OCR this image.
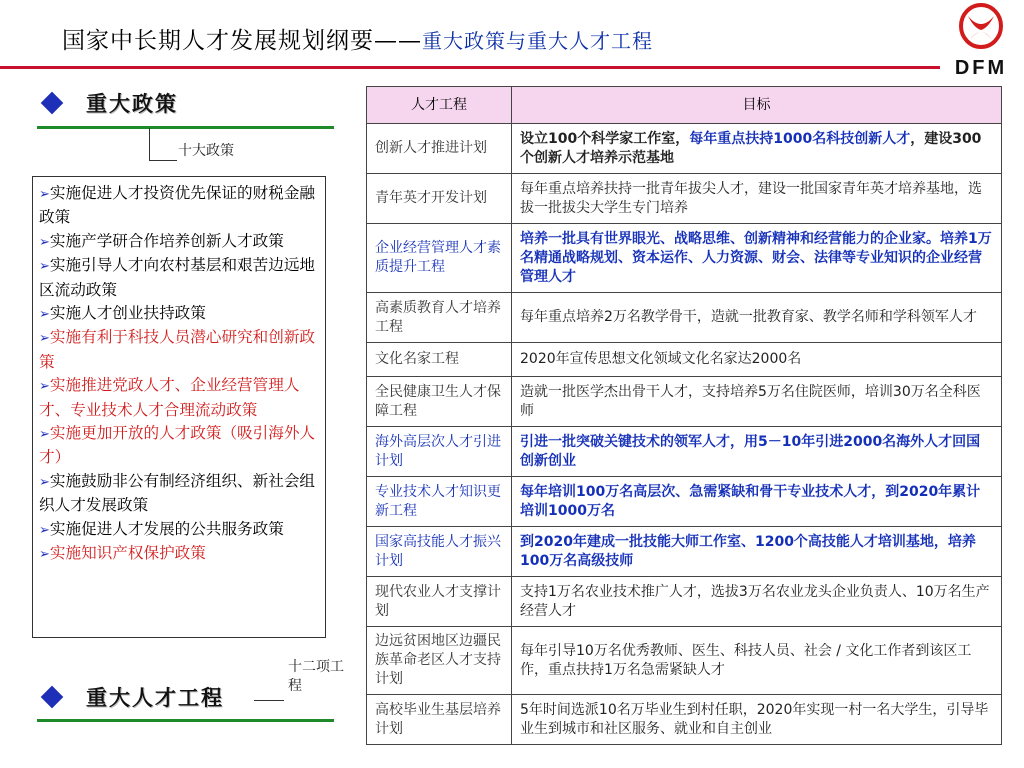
国家中长期人才发展规划纲要——重大政策与重大人才工程
DFM
重大政策
十大政策

➢实施促进人才投资优先保证的财税金融政策

➢实施产学研合作培养创新人才政策

➢实施引导人才向农村基层和艰苦边远地区流动政策

➢实施人才创业扶持政策

➢实施有利于科技人员潜心研究和创新政策

➢实施推进党政人才、企业经营管理人才、专业技术人才合理流动政策

➢实施更加开放的人才政策（吸引海外人才）

➢实施鼓励非公有制经济组织、新社会组织人才发展政策

➢实施促进人才发展的公共服务政策

➢实施知识产权保护政策

十二项工程
重大人才工程
人才工程	目标
创新人才推进计划	设立100个科学家工作室，每年重点扶持1000名科技创新人才，建设300个创新人才培养示范基地
青年英才开发计划	每年重点培养扶持一批青年拔尖人才，建设一批国家青年英才培养基地，选拔一批拔尖大学生专门培养
企业经营管理人才素质提升工程	培养一批具有世界眼光、战略思维、创新精神和经营能力的企业家。培养1万名精通战略规划、资本运作、人力资源、财会、法律等专业知识的企业经营管理人才
高素质教育人才培养工程	每年重点培养2万名教学骨干，造就一批教育家、教学名师和学科领军人才
文化名家工程	2020年宣传思想文化领域文化名家达2000名
全民健康卫生人才保障工程	造就一批医学杰出骨干人才，支持培养5万名住院医师，培训30万名全科医师
海外高层次人才引进计划	引进一批突破关键技术的领军人才，用5－10年引进2000名海外人才回国创新创业
专业技术人才知识更新工程	每年培训100万名高层次、急需紧缺和骨干专业技术人才，到2020年累计培训1000万名
国家高技能人才振兴计划	到2020年建成一批技能大师工作室、1200个高技能人才培训基地，培养100万名高级技师
现代农业人才支撑计划	支持1万名农业技术推广人才，选拔3万名农业龙头企业负责人、10万名生产经营人才
边远贫困地区边疆民族革命老区人才支持计划	每年引导10万名优秀教师、医生、科技人员、社会 / 文化工作者到该区工作，重点扶持1万名急需紧缺人才
高校毕业生基层培养计划	5年时间选派10名万毕业生到村任职，2020年实现一村一名大学生，引导毕业生到城市和社区服务、就业和自主创业
